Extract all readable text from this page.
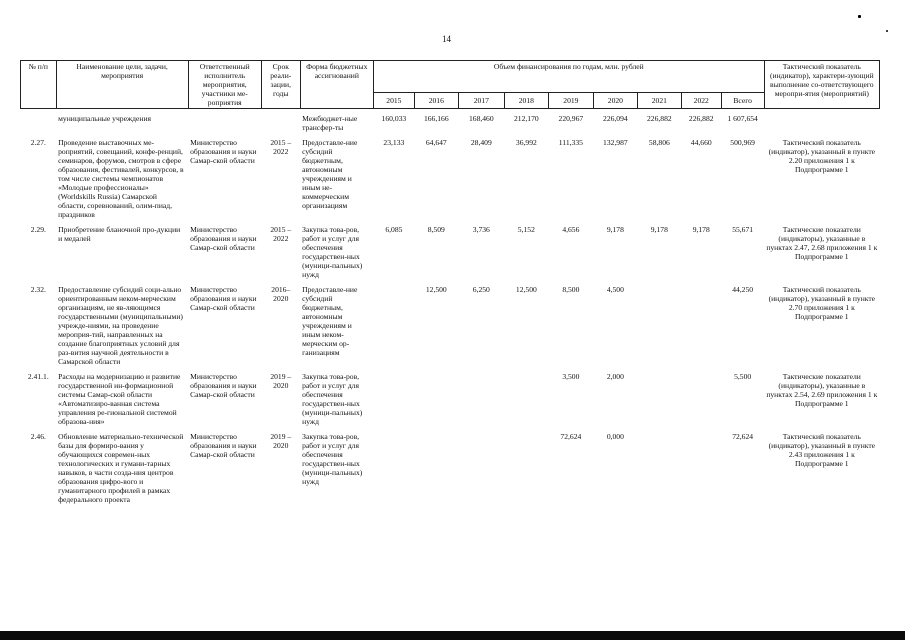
14
№ п/п	Наименование цели, задачи, мероприятия	Ответственный исполнитель мероприятия, участники ме-роприятия	Срок реали-зации, годы	Форма бюджетных ассигнований	Объем финансирования по годам, млн. рублей									Тактический показатель (индикатор), характери-зующий выполнение со-ответствующего меропри-ятия (мероприятий)
					2015	2016	2017	2018	2019	2020	2021	2022	Всего	
	муниципальные учреждения			Межбюджет-ные трансфер-ты	160,033	166,166	168,460	212,170	220,967	226,094	226,882	226,882	1 607,654	
2.27.	Проведение выставочных ме-роприятий, совещаний, конфе-ренций, семинаров, форумов, смотров в сфере образования, фестивалей, конкурсов, в том числе системы чемпионатов «Молодые профессионалы» (Worldskills Russia) Самарской области, соревнований, олим-пиад, праздников	Министерство образования и науки Самар-ской области	2015 – 2022	Предоставле-ние субсидий бюджетным, автономным учреждениям и иным не-коммерческим организациям	23,133	64,647	28,409	36,992	111,335	132,987	58,806	44,660	500,969	Тактический показатель (индикатор), указанный в пункте 2.20 приложения 1 к Подпрограмме 1
2.29.	Приобретение бланочной про-дукции и медалей	Министерство образования и науки Самар-ской области	2015 – 2022	Закупка това-ров, работ и услуг для обеспечения государствен-ных (муници-пальных) нужд	6,085	8,509	3,736	5,152	4,656	9,178	9,178	9,178	55,671	Тактические показатели (индикаторы), указанные в пунктах 2.47, 2.68 приложения 1 к Подпрограмме 1
2.32.	Предоставление субсидий соци-ально ориентированным неком-мерческим организациям, не яв-ляющимся государственными (муниципальными) учрежде-ниями, на проведение мероприя-тий, направленных на создание благоприятных условий для раз-вития научной деятельности в Самарской области	Министерство образования и науки Самар-ской области	2016– 2020	Предоставле-ние субсидий бюджетным, автономным учреждениям и иным неком-мерческим ор-ганизациям		12,500	6,250	12,500	8,500	4,500			44,250	Тактический показатель (индикатор), указанный в пункте 2.70 приложения 1 к Подпрограмме 1
2.41.1.	Расходы на модернизацию и развитие государственной ин-формационной системы Самар-ской области «Автоматизиро-ванная система управления ре-гиональной системой образова-ния»	Министерство образования и науки Самар-ской области	2019 – 2020	Закупка това-ров, работ и услуг для обеспечения государствен-ных (муници-пальных) нужд					3,500	2,000			5,500	Тактические показатели (индикаторы), указанные в пунктах 2.54, 2.69 приложения 1 к Подпрограмме 1
2.46.	Обновление материально-технической базы для формиро-вания у обучающихся современ-ных технологических и гумани-тарных навыков, в части созда-ния центров образования цифро-вого и гуманитарного профилей в рамках федерального проекта	Министерство образования и науки Самар-ской области	2019 – 2020	Закупка това-ров, работ и услуг для обеспечения государствен-ных (муници-пальных) нужд					72,624	0,000			72,624	Тактический показатель (индикатор), указанный в пункте 2.43 приложения 1 к Подпрограмме 1
